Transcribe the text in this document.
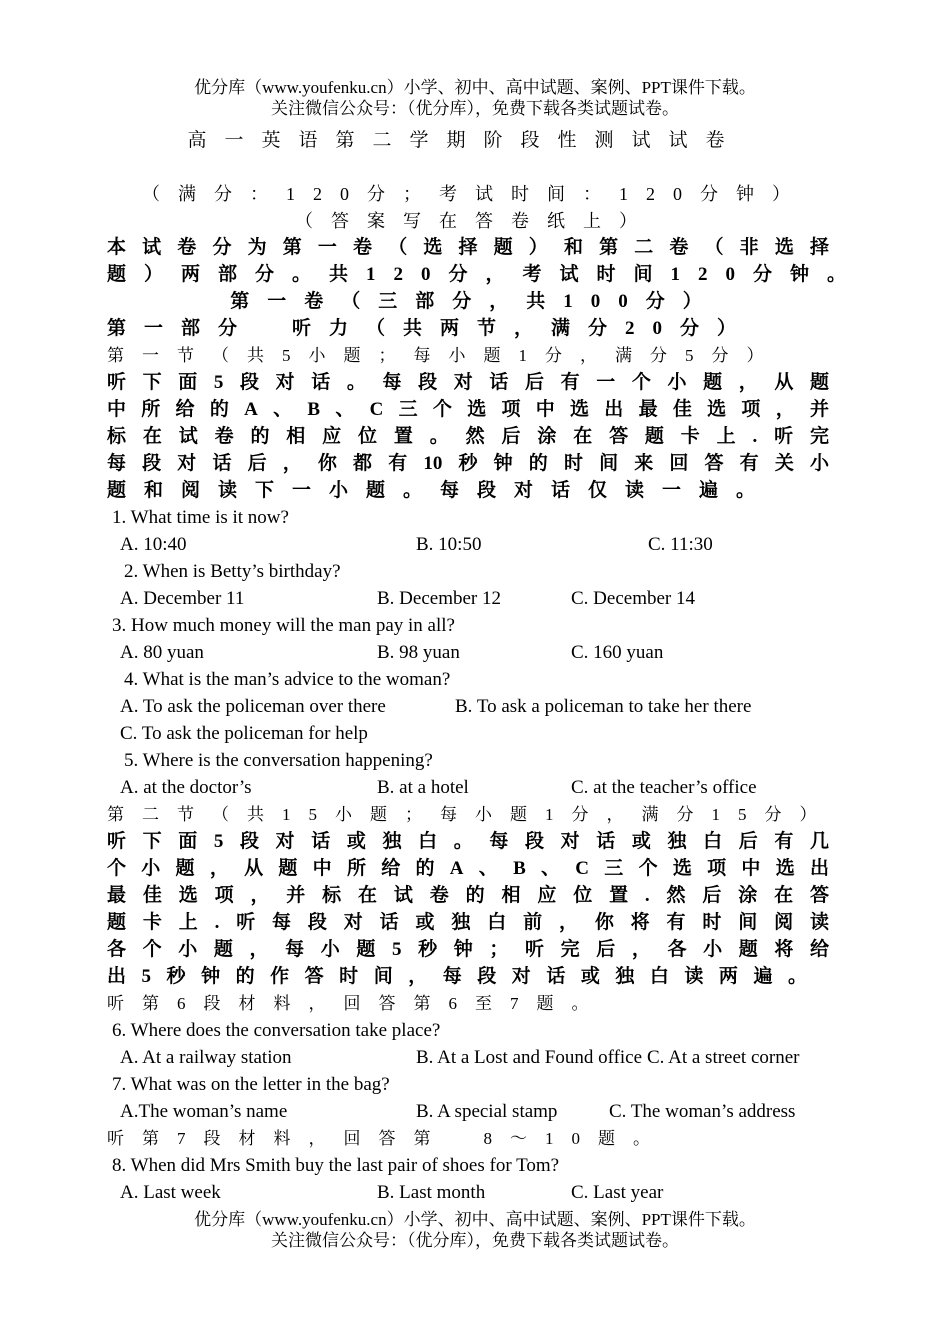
优分库（www.youfenku.cn）小学、初中、高中试题、案例、PPT课件下载。
关注微信公众号：（优分库），免费下载各类试题试卷。
高一英语第二学期阶段性测试试卷
（满分：120分；考试时间：120分钟）
（答案写在答卷纸上）
本试卷分为第一卷（选择题）和第二卷（非选择
题）两部分。共120分，考试时间120分钟。
第一卷（三部分，共100分）
第一部分　听力（共两节，满分20分）
第一节（共5小题；每小题1分，满分5分）
听下面5段对话。每段对话后有一个小题，从题
中所给的A、B、C三个选项中选出最佳选项，并
标在试卷的相应位置。然后涂在答题卡上.听完
每段对话后，你都有10秒钟的时间来回答有关小
题和阅读下一小题。每段对话仅读一遍。
1. What time is it now?
A. 10:40	B. 10:50	C. 11:30
2. When is Betty’s birthday?
A. December 11	B. December 12	C. December 14
3. How much money will the man pay in all?
A. 80 yuan	B. 98 yuan	C. 160 yuan
4. What is the man’s advice to the woman?
A. To ask the policeman over there	B. To ask a policeman to take her there
C. To ask the policeman for help
5. Where is the conversation happening?
A. at the doctor’s	B. at a hotel	C. at the teacher’s office
第二节（共15小题；每小题1分，满分15分）
听下面5段对话或独白。每段对话或独白后有几
个小题，从题中所给的A、B、C三个选项中选出
最佳选项，并标在试卷的相应位置.然后涂在答
题卡上.听每段对话或独白前，你将有时间阅读
各个小题，每小题5秒钟；听完后，各小题将给
出5秒钟的作答时间，每段对话或独白读两遍。
听第6段材料，回答第6至7题。
6. Where does the conversation take place?
A. At a railway station	B. At a Lost and Found office C. At a street corner
7. What was on the letter in the bag?
A.The woman’s name	B. A special stamp	C. The woman’s address
听第7段材料，回答第　8～10题。
8. When did Mrs Smith buy the last pair of shoes for Tom?
A. Last week	B. Last month	C. Last year
优分库（www.youfenku.cn）小学、初中、高中试题、案例、PPT课件下载。
关注微信公众号：（优分库），免费下载各类试题试卷。
